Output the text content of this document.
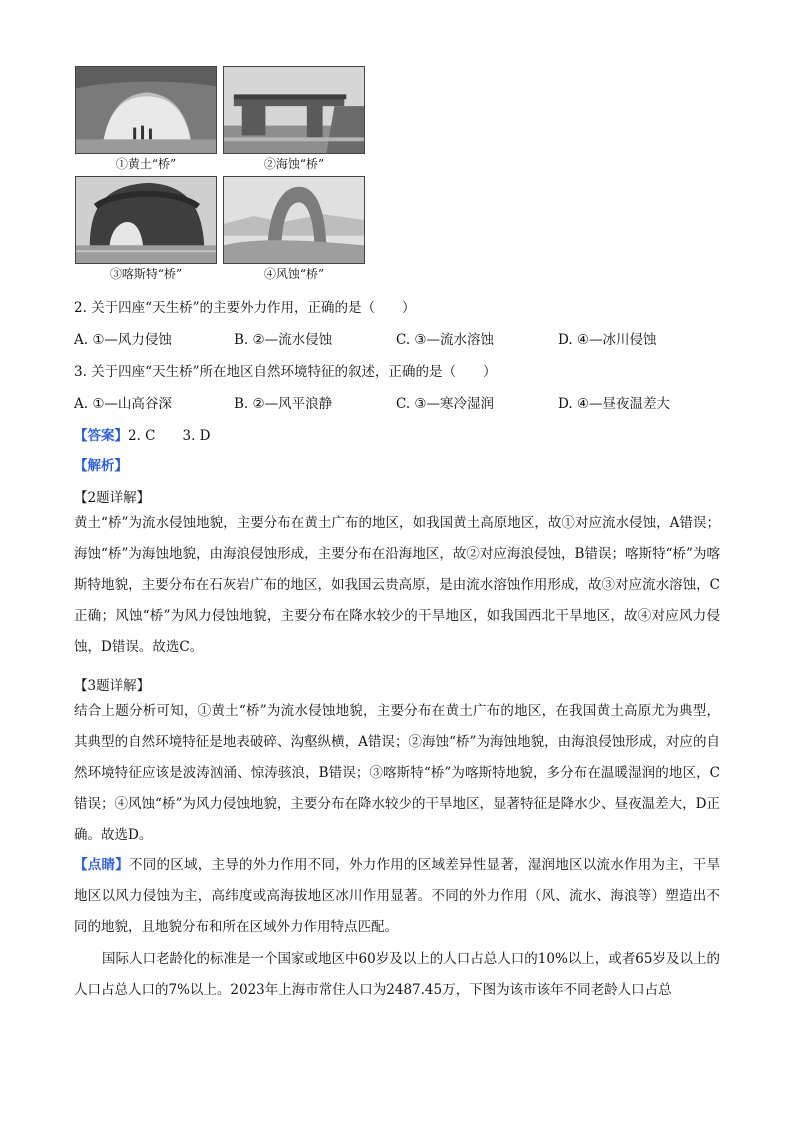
①黄土“桥”	②海蚀“桥”
③喀斯特“桥”	④风蚀“桥”
2. 关于四座“天生桥”的主要外力作用，正确的是（　　）
A. ①—风力侵蚀	B. ②—流水侵蚀	C. ③—流水溶蚀	D. ④—冰川侵蚀
3. 关于四座“天生桥”所在地区自然环境特征的叙述，正确的是（　　）
A. ①—山高谷深	B. ②—风平浪静	C. ③—寒冷湿润	D. ④—昼夜温差大
【答案】2. C　　3. D
【解析】
【2题详解】
黄土“桥”为流水侵蚀地貌，主要分布在黄土广布的地区，如我国黄土高原地区，故①对应流水侵蚀，A错误；海蚀“桥”为海蚀地貌，由海浪侵蚀形成，主要分布在沿海地区，故②对应海浪侵蚀，B错误；喀斯特“桥”为喀斯特地貌，主要分布在石灰岩广布的地区，如我国云贵高原，是由流水溶蚀作用形成，故③对应流水溶蚀，C正确；风蚀“桥”为风力侵蚀地貌，主要分布在降水较少的干旱地区，如我国西北干旱地区，故④对应风力侵蚀，D错误。故选C。
【3题详解】
结合上题分析可知，①黄土“桥”为流水侵蚀地貌，主要分布在黄土广布的地区，在我国黄土高原尤为典型，其典型的自然环境特征是地表破碎、沟壑纵横，A错误；②海蚀“桥”为海蚀地貌，由海浪侵蚀形成，对应的自然环境特征应该是波涛汹涌、惊涛骇浪，B错误；③喀斯特“桥”为喀斯特地貌，多分布在温暖湿润的地区，C错误；④风蚀“桥”为风力侵蚀地貌，主要分布在降水较少的干旱地区，显著特征是降水少、昼夜温差大，D正确。故选D。
【点睛】不同的区域，主导的外力作用不同，外力作用的区域差异性显著，湿润地区以流水作用为主，干旱地区以风力侵蚀为主，高纬度或高海拔地区冰川作用显著。不同的外力作用（风、流水、海浪等）塑造出不同的地貌，且地貌分布和所在区域外力作用特点匹配。
国际人口老龄化的标准是一个国家或地区中60岁及以上的人口占总人口的10%以上，或者65岁及以上的人口占总人口的7%以上。2023年上海市常住人口为2487.45万，下图为该市该年不同老龄人口占总
